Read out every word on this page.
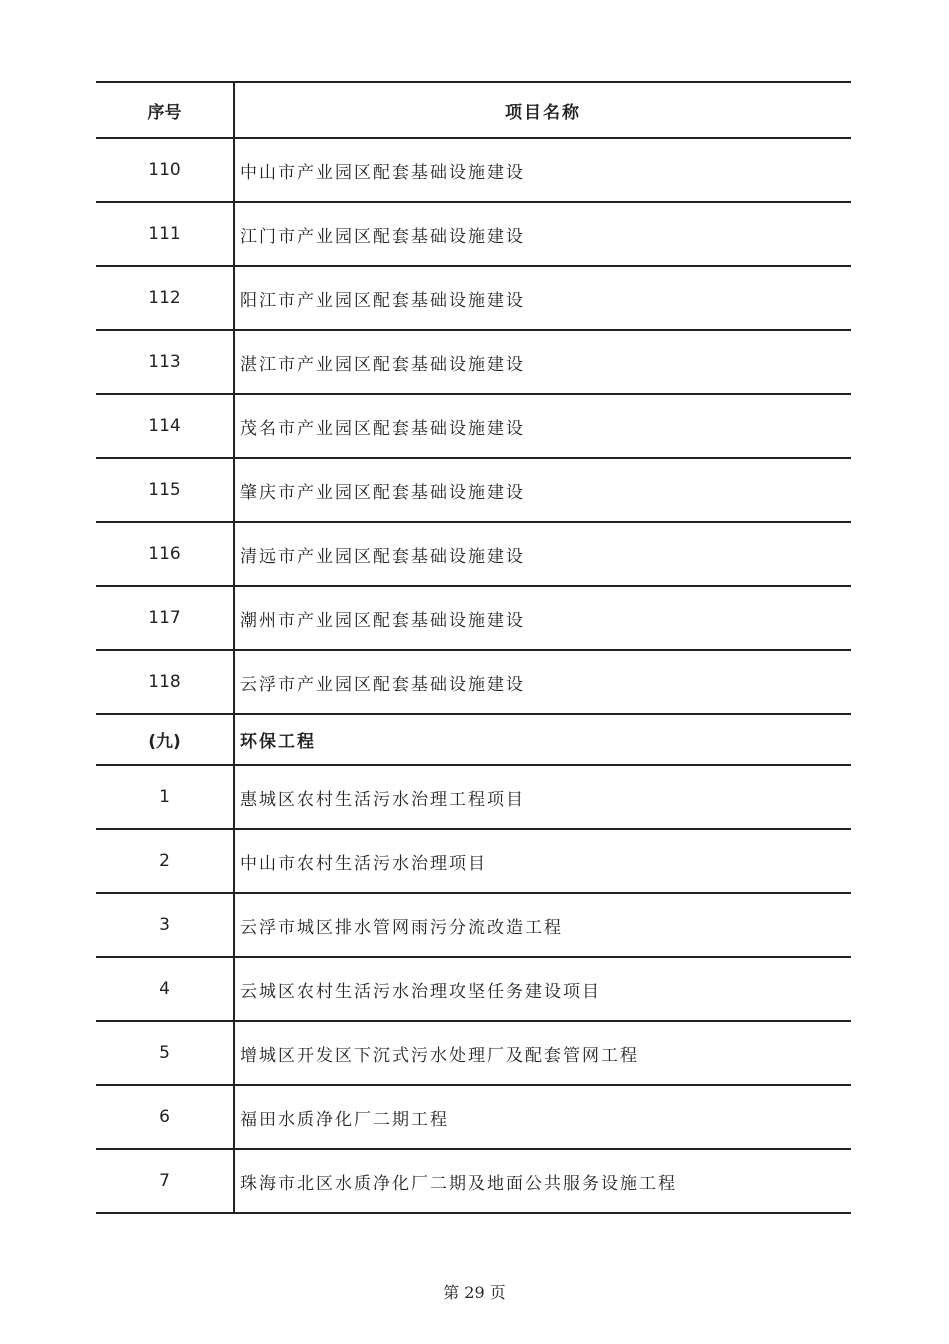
序号	项目名称
110	中山市产业园区配套基础设施建设
111	江门市产业园区配套基础设施建设
112	阳江市产业园区配套基础设施建设
113	湛江市产业园区配套基础设施建设
114	茂名市产业园区配套基础设施建设
115	肇庆市产业园区配套基础设施建设
116	清远市产业园区配套基础设施建设
117	潮州市产业园区配套基础设施建设
118	云浮市产业园区配套基础设施建设
(九)	环保工程
1	惠城区农村生活污水治理工程项目
2	中山市农村生活污水治理项目
3	云浮市城区排水管网雨污分流改造工程
4	云城区农村生活污水治理攻坚任务建设项目
5	增城区开发区下沉式污水处理厂及配套管网工程
6	福田水质净化厂二期工程
7	珠海市北区水质净化厂二期及地面公共服务设施工程
第 29 页
